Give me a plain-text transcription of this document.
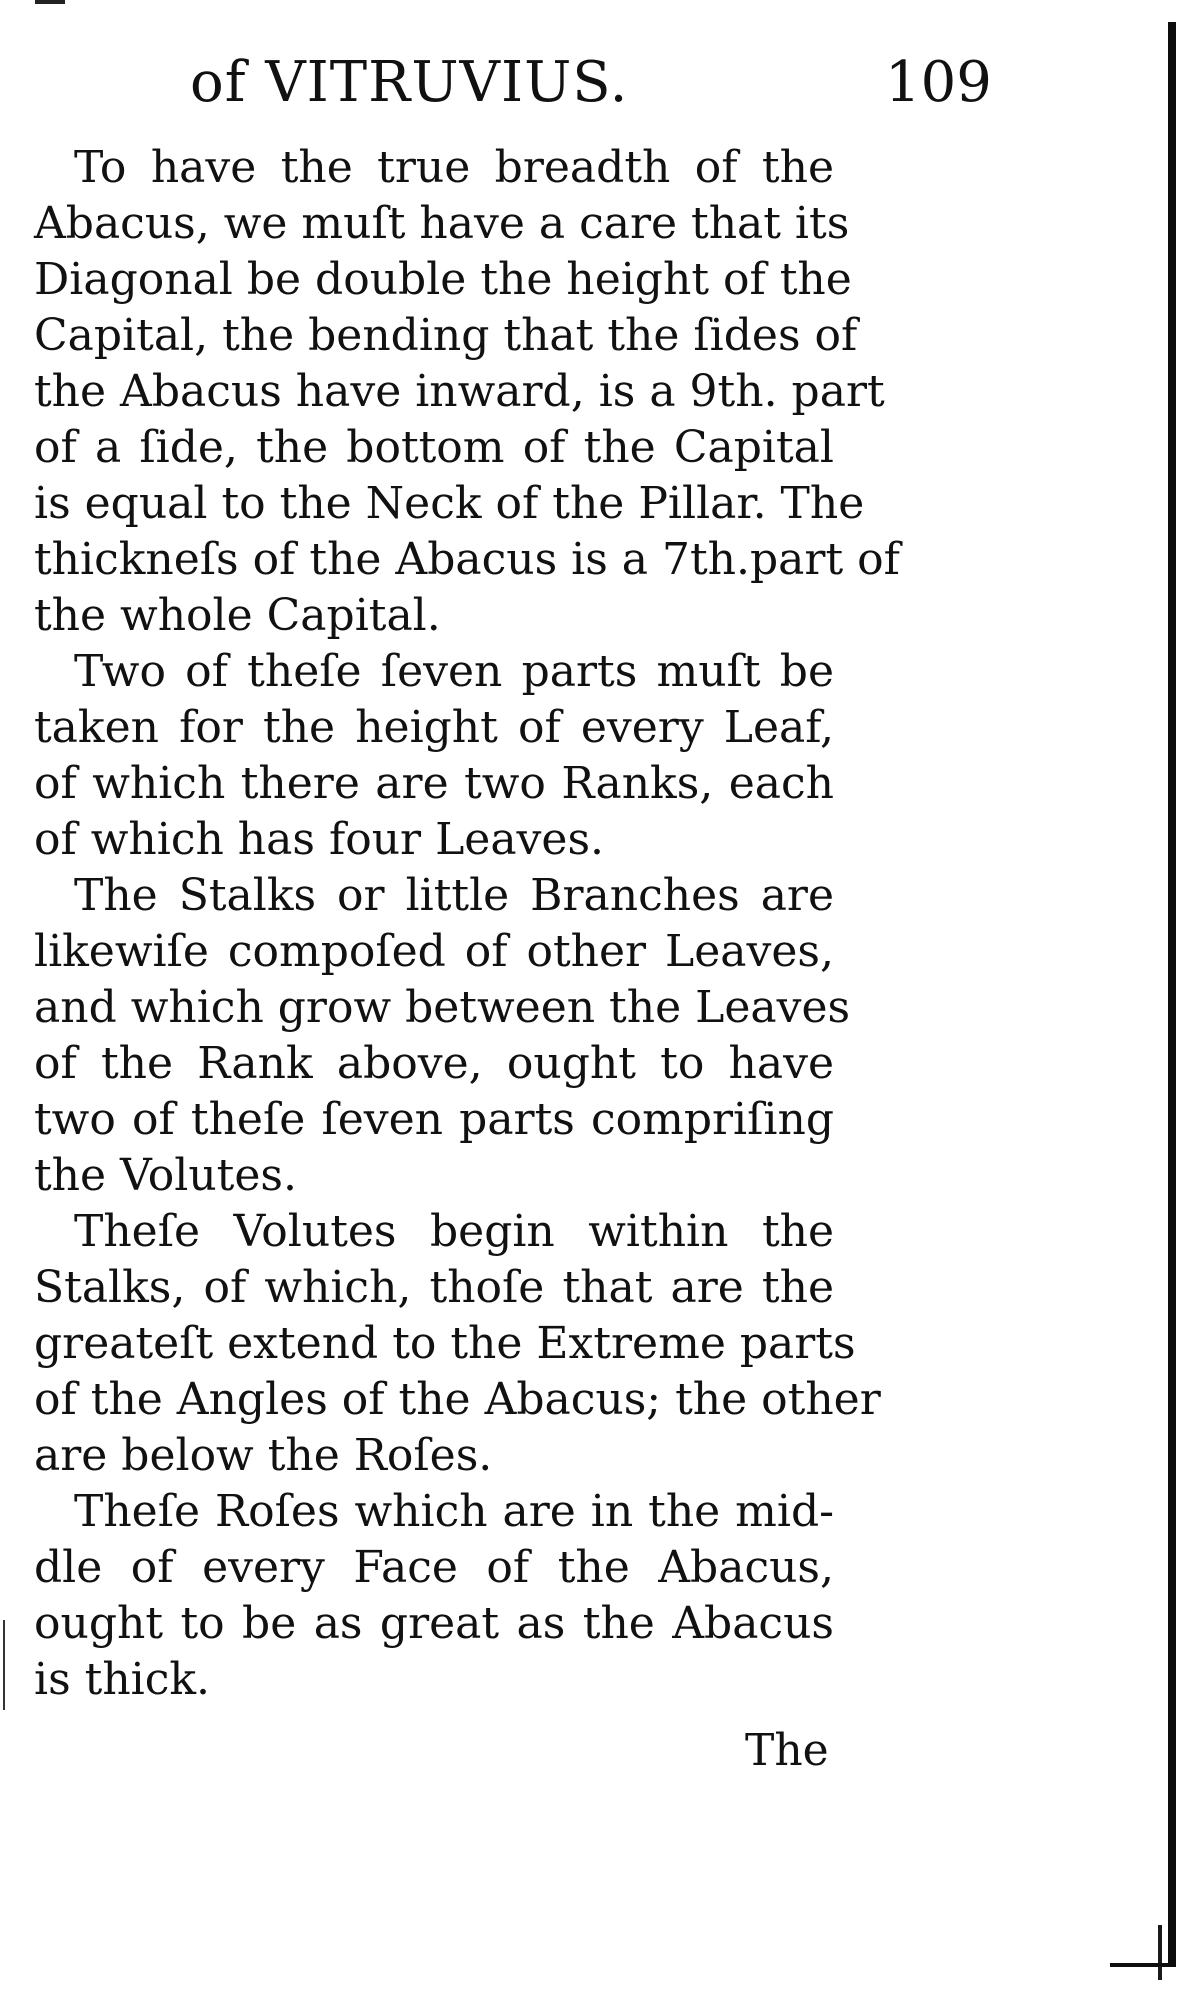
of VITRUVIUS.	109

To have the true breadth of the
Abacus, we muſt have a care that its
Diagonal be double the height of the
Capital, the bending that the ſides of
the Abacus have inward, is a 9th. part
of a ſide, the bottom of the Capital
is equal to the Neck of the Pillar. The
thickneſs of the Abacus is a 7th.part of
the whole Capital.

Two of theſe ſeven parts muſt be
taken for the height of every Leaf,
of which there are two Ranks, each
of which has four Leaves.

The Stalks or little Branches are
likewiſe compoſed of other Leaves,
and which grow between the Leaves
of the Rank above, ought to have
two of theſe ſeven parts compriſing
the Volutes.

Theſe Volutes begin within the
Stalks, of which, thoſe that are the
greateſt extend to the Extreme parts
of the Angles of the Abacus; the other
are below the Roſes.

Theſe Roſes which are in the mid-
dle of every Face of the Abacus,
ought to be as great as the Abacus
is thick.

The
